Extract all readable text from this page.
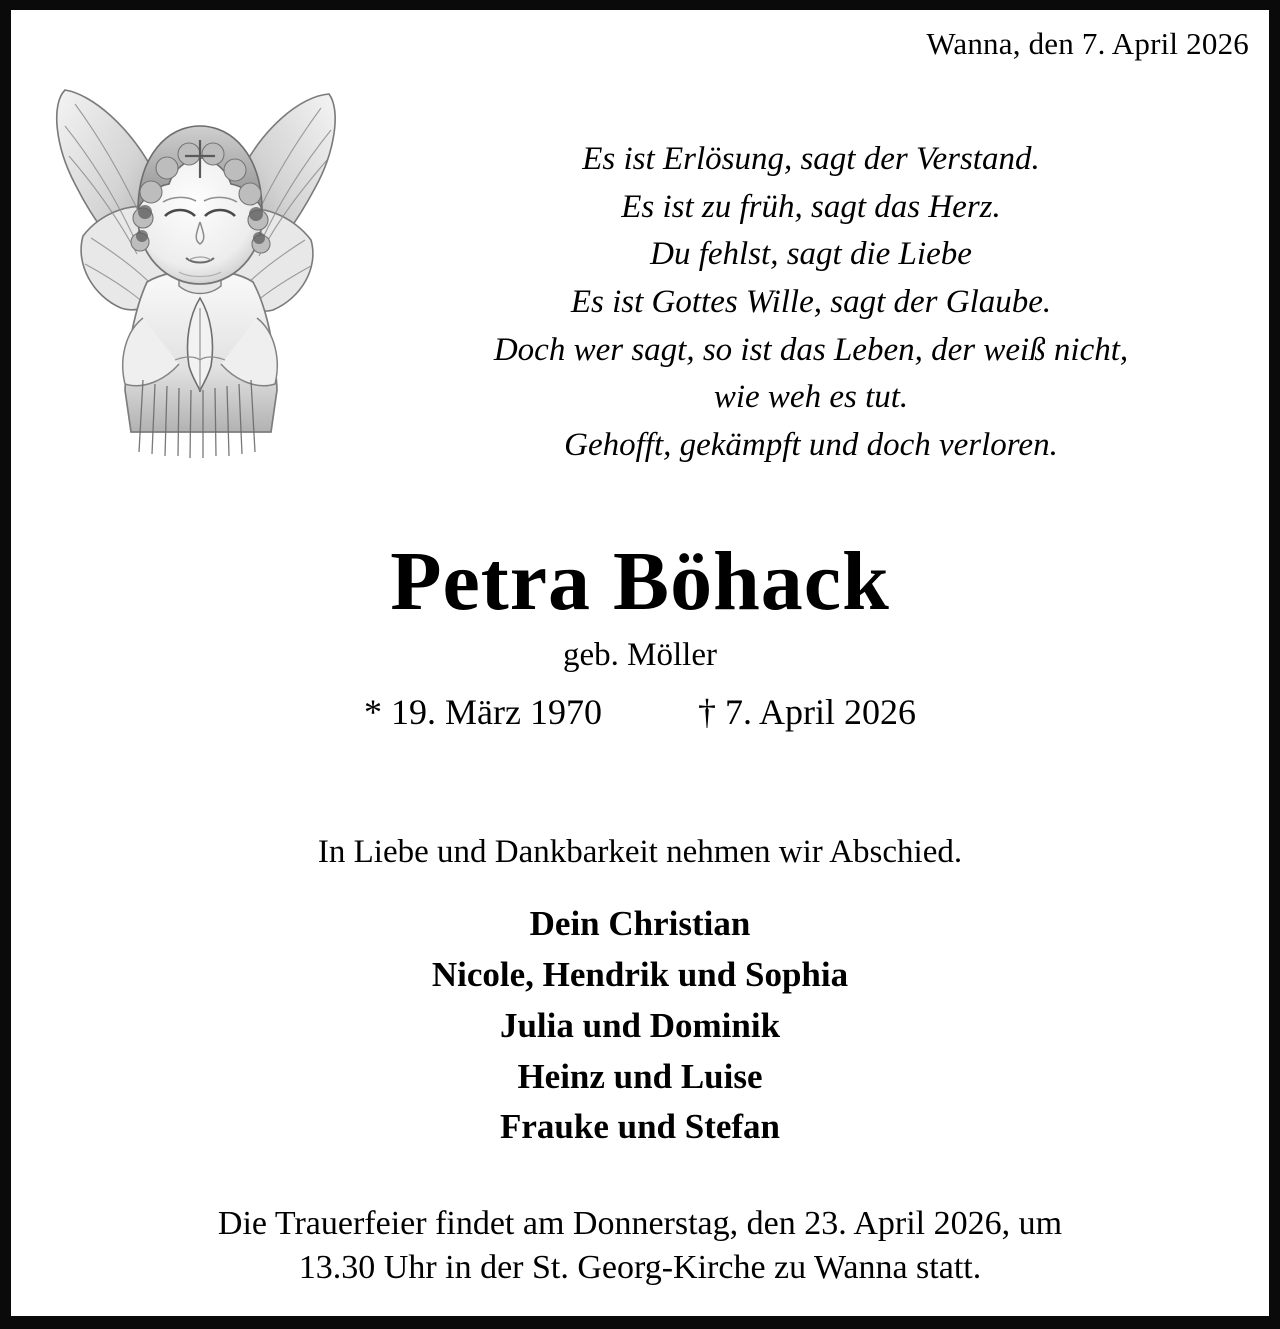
Wanna, den 7. April 2026
Es ist Erlösung, sagt der Verstand.
Es ist zu früh, sagt das Herz.
Du fehlst, sagt die Liebe
Es ist Gottes Wille, sagt der Glaube.
Doch wer sagt, so ist das Leben, der weiß nicht,
wie weh es tut.
Gehofft, gekämpft und doch verloren.
Petra Böhack
geb. Möller
* 19. März 1970	† 7. April 2026
In Liebe und Dankbarkeit nehmen wir Abschied.
Dein Christian
Nicole, Hendrik und Sophia
Julia und Dominik
Heinz und Luise
Frauke und Stefan
Die Trauerfeier findet am Donnerstag, den 23. April 2026, um
13.30 Uhr in der St. Georg-Kirche zu Wanna statt.
